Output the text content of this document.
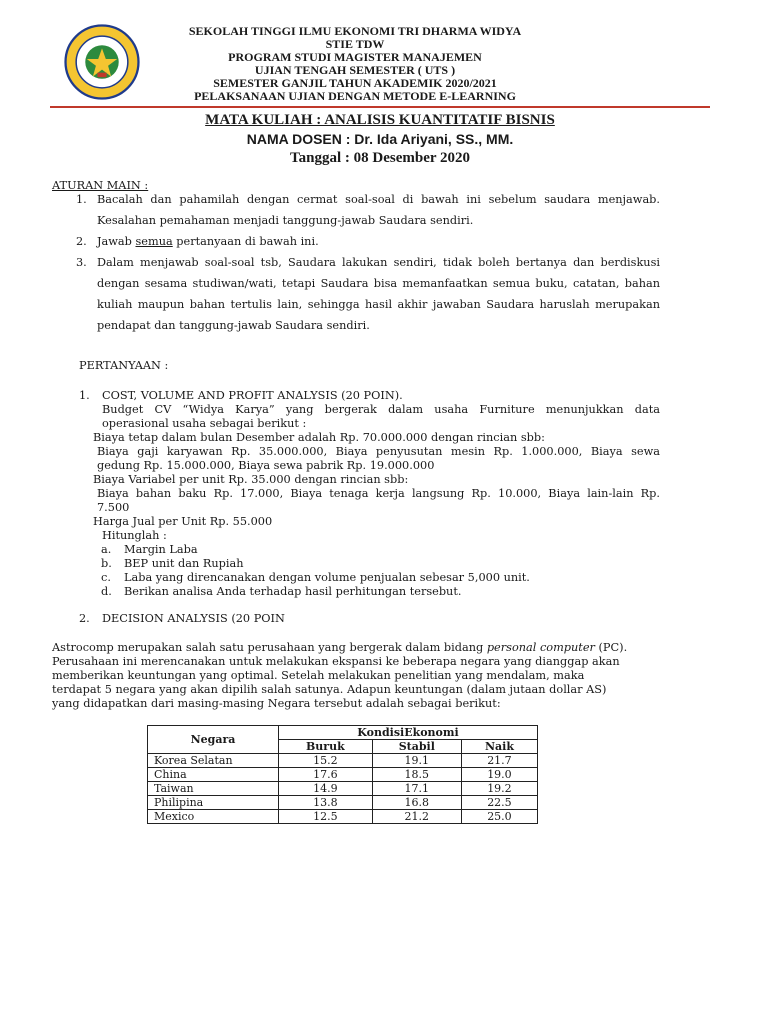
SEKOLAH TINGGI ILMU EKONOMI TRI DHARMA WIDYA
STIE TDW
PROGRAM STUDI MAGISTER MANAJEMEN
UJIAN TENGAH SEMESTER ( UTS )
SEMESTER GANJIL TAHUN AKADEMIK 2020/2021
PELAKSANAAN UJIAN DENGAN METODE E-LEARNING
MATA KULIAH : ANALISIS KUANTITATIF BISNIS
NAMA DOSEN : Dr. Ida Ariyani, SS., MM.
Tanggal : 08 Desember 2020
ATURAN MAIN :
1. Bacalah dan pahamilah dengan cermat soal-soal di bawah ini sebelum saudara menjawab.
Kesalahan pemahaman menjadi tanggung-jawab Saudara sendiri.
2. Jawab semua pertanyaan di bawah ini.
3. Dalam menjawab soal-soal tsb, Saudara lakukan sendiri, tidak boleh bertanya dan berdiskusi
dengan sesama studiwan/wati, tetapi Saudara bisa memanfaatkan semua buku, catatan, bahan
kuliah maupun bahan tertulis lain, sehingga hasil akhir jawaban Saudara haruslah merupakan
pendapat dan tanggung-jawab Saudara sendiri.
PERTANYAAN :
1. COST, VOLUME AND PROFIT ANALYSIS (20 POIN).
Budget CV “Widya Karya” yang bergerak dalam usaha Furniture menunjukkan data
operasional usaha sebagai berikut :
Biaya tetap dalam bulan Desember adalah Rp. 70.000.000 dengan rincian sbb:
Biaya gaji karyawan Rp. 35.000.000, Biaya penyusutan mesin Rp. 1.000.000, Biaya sewa
gedung Rp. 15.000.000, Biaya sewa pabrik Rp. 19.000.000
Biaya Variabel per unit Rp. 35.000 dengan rincian sbb:
Biaya bahan baku Rp. 17.000, Biaya tenaga kerja langsung Rp. 10.000, Biaya lain-lain Rp.
7.500
Harga Jual per Unit Rp. 55.000
Hitunglah :
a. Margin Laba
b. BEP unit dan Rupiah
c. Laba yang direncanakan dengan volume penjualan sebesar 5,000 unit.
d. Berikan analisa Anda terhadap hasil perhitungan tersebut.
2. DECISION ANALYSIS (20 POIN
Astrocomp merupakan salah satu perusahaan yang bergerak dalam bidang personal computer (PC).
Perusahaan ini merencanakan untuk melakukan ekspansi ke beberapa negara yang dianggap akan
memberikan keuntungan yang optimal. Setelah melakukan penelitian yang mendalam, maka
terdapat 5 negara yang akan dipilih salah satunya. Adapun keuntungan (dalam jutaan dollar AS)
yang didapatkan dari masing-masing Negara tersebut adalah sebagai berikut:
Negara	KondisiEkonomi		
	Buruk	Stabil	Naik
Korea Selatan	15.2	19.1	21.7
China	17.6	18.5	19.0
Taiwan	14.9	17.1	19.2
Philipina	13.8	16.8	22.5
Mexico	12.5	21.2	25.0
